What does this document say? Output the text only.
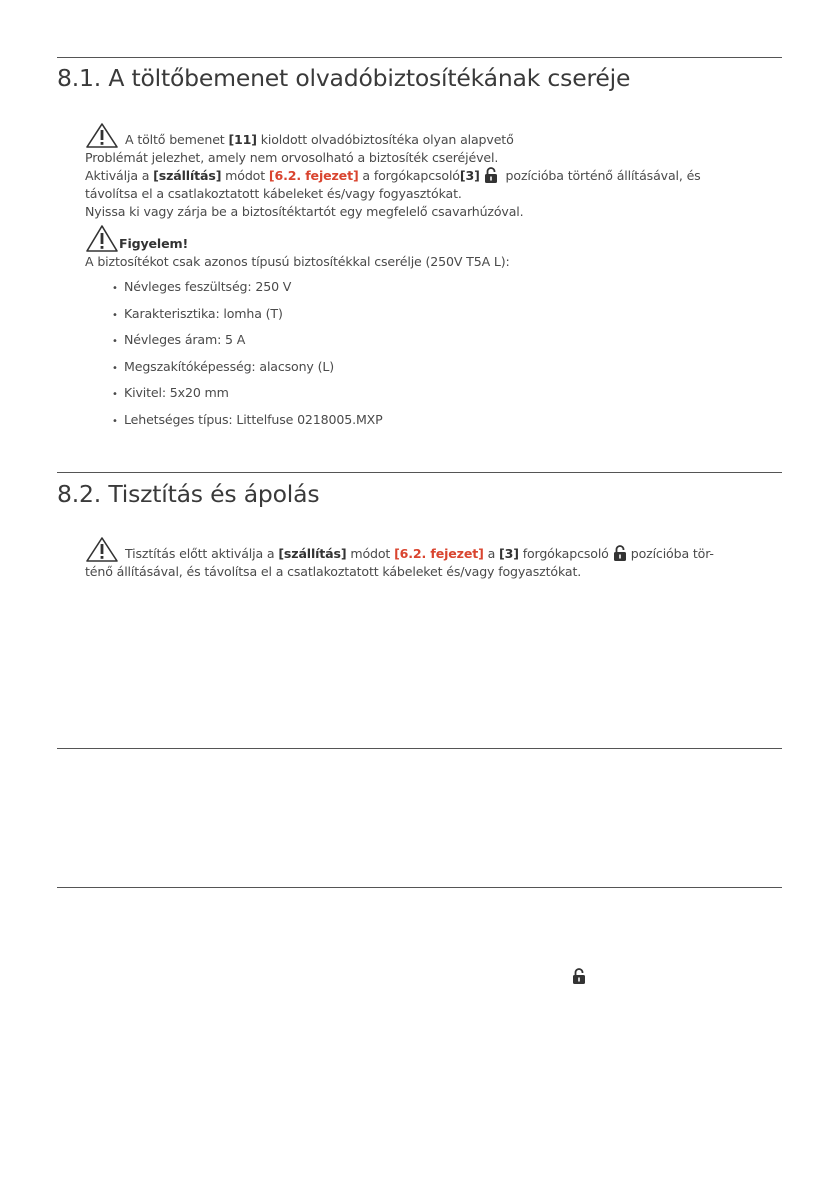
8.1. A töltőbemenet olvadóbiztosítékának cseréje
A töltő bemenet [11] kioldott olvadóbiztosítéka olyan alapvető
Problémát jelezhet, amely nem orvosolható a biztosíték cseréjével.
Aktiválja a [szállítás] módot [6.2. fejezet] a forgókapcsoló[3] pozícióba történő állításával, és
távolítsa el a csatlakoztatott kábeleket és/vagy fogyasztókat.
Nyissa ki vagy zárja be a biztosítéktartót egy megfelelő csavarhúzóval.
Figyelem!
A biztosítékot csak azonos típusú biztosítékkal cserélje (250V T5A L):
• Névleges feszültség: 250 V
• Karakterisztika: lomha (T)
• Névleges áram: 5 A
• Megszakítóképesség: alacsony (L)
• Kivitel: 5x20 mm
• Lehetséges típus: Littelfuse 0218005.MXP
8.2. Tisztítás és ápolás
Tisztítás előtt aktiválja a [szállítás] módot [6.2. fejezet] a [3] forgókapcsoló pozícióba tör-
ténő állításával, és távolítsa el a csatlakoztatott kábeleket és/vagy fogyasztókat.
